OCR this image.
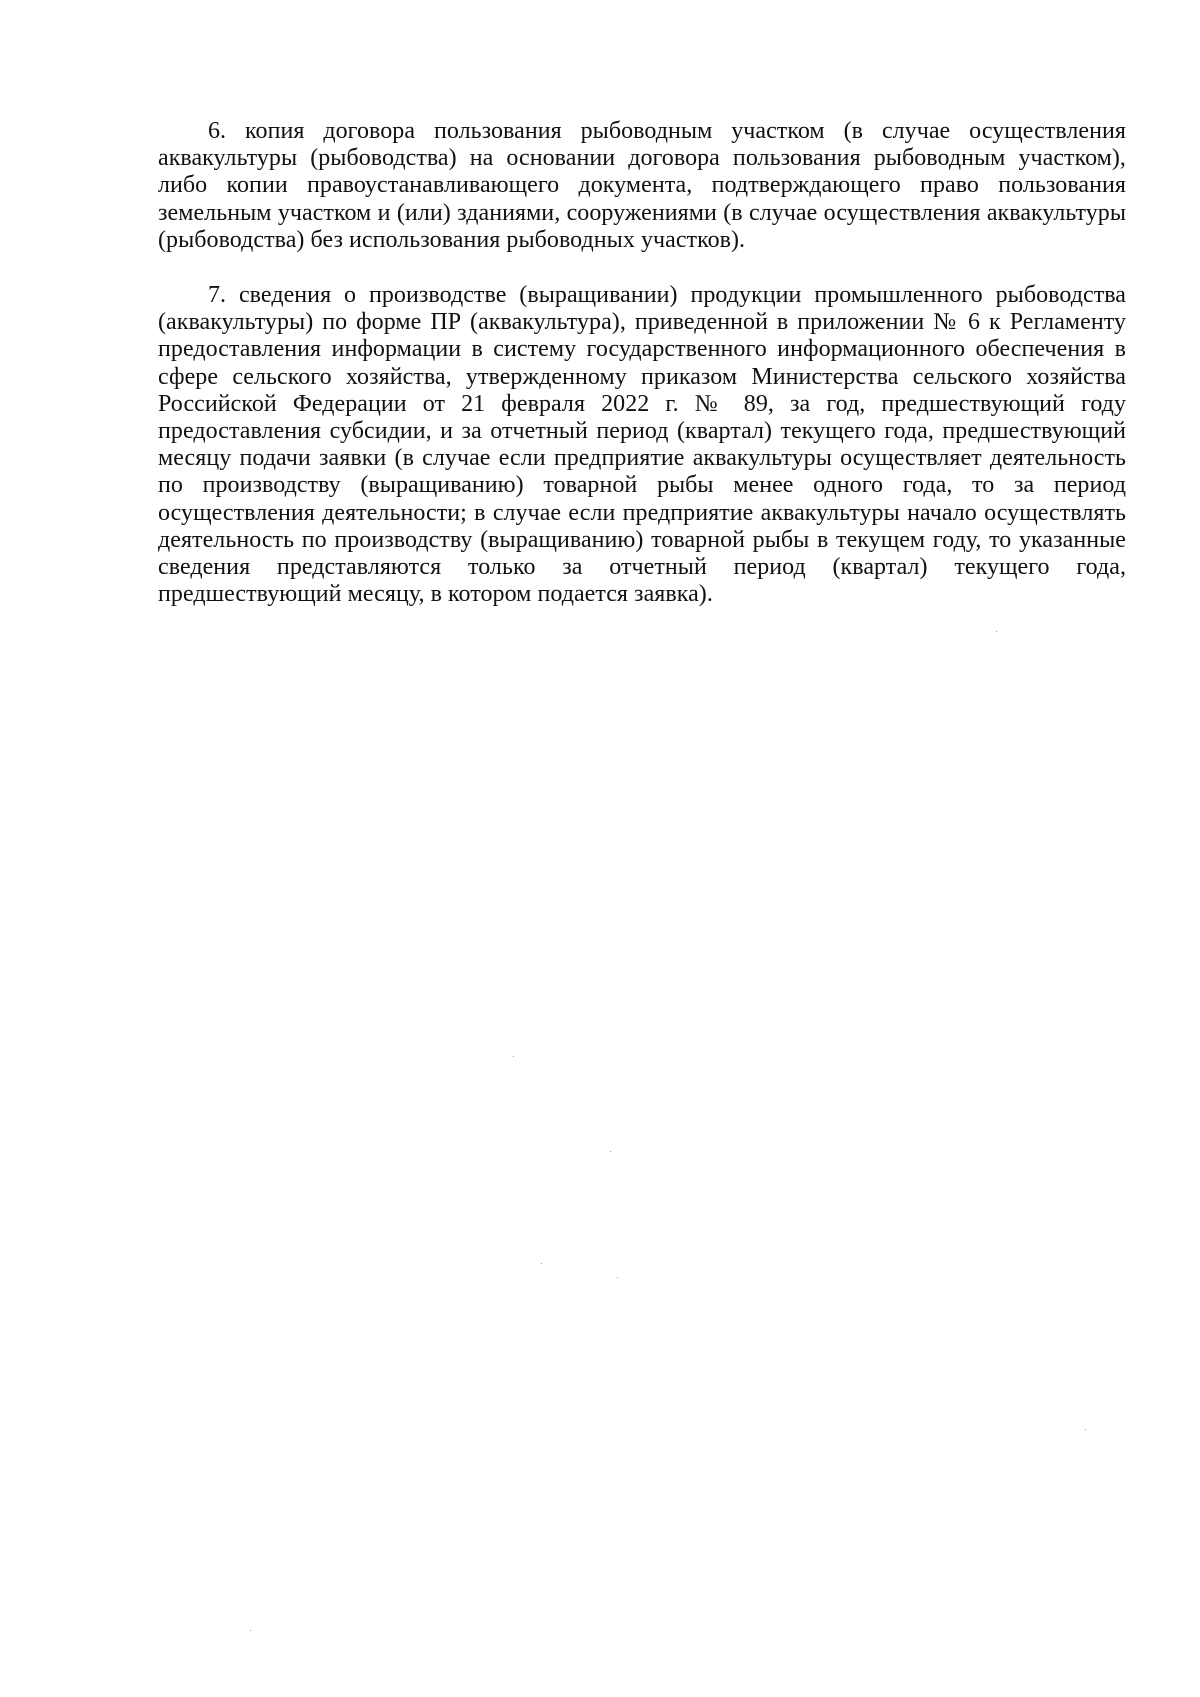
6. копия договора пользования рыбоводным участком (в случае осуществления аквакультуры (рыбоводства) на основании договора пользования рыбоводным участком), либо копии правоустанавливающего документа, подтверждающего право пользования земельным участком и (или) зданиями, сооружениями (в случае осуществления аквакультуры (рыбоводства) без использования рыбоводных участков).

7. сведения о производстве (выращивании) продукции промышленного рыбоводства (аквакультуры) по форме ПР (аквакультура), приведенной в приложении № 6 к Регламенту предоставления информации в систему государственного информационного обеспечения в сфере сельского хозяйства, утвержденному приказом Министерства сельского хозяйства Российской Федерации от 21 февраля 2022 г. № 89, за год, предшествующий году предоставления субсидии, и за отчетный период (квартал) текущего года, предшествующий месяцу подачи заявки (в случае если предприятие аквакультуры осуществляет деятельность по производству (выращиванию) товарной рыбы менее одного года, то за период осуществления деятельности; в случае если предприятие аквакультуры начало осуществлять деятельность по производству (выращиванию) товарной рыбы в текущем году, то указанные сведения представляются только за отчетный период (квартал) текущего года, предшествующий месяцу, в котором подается заявка).
